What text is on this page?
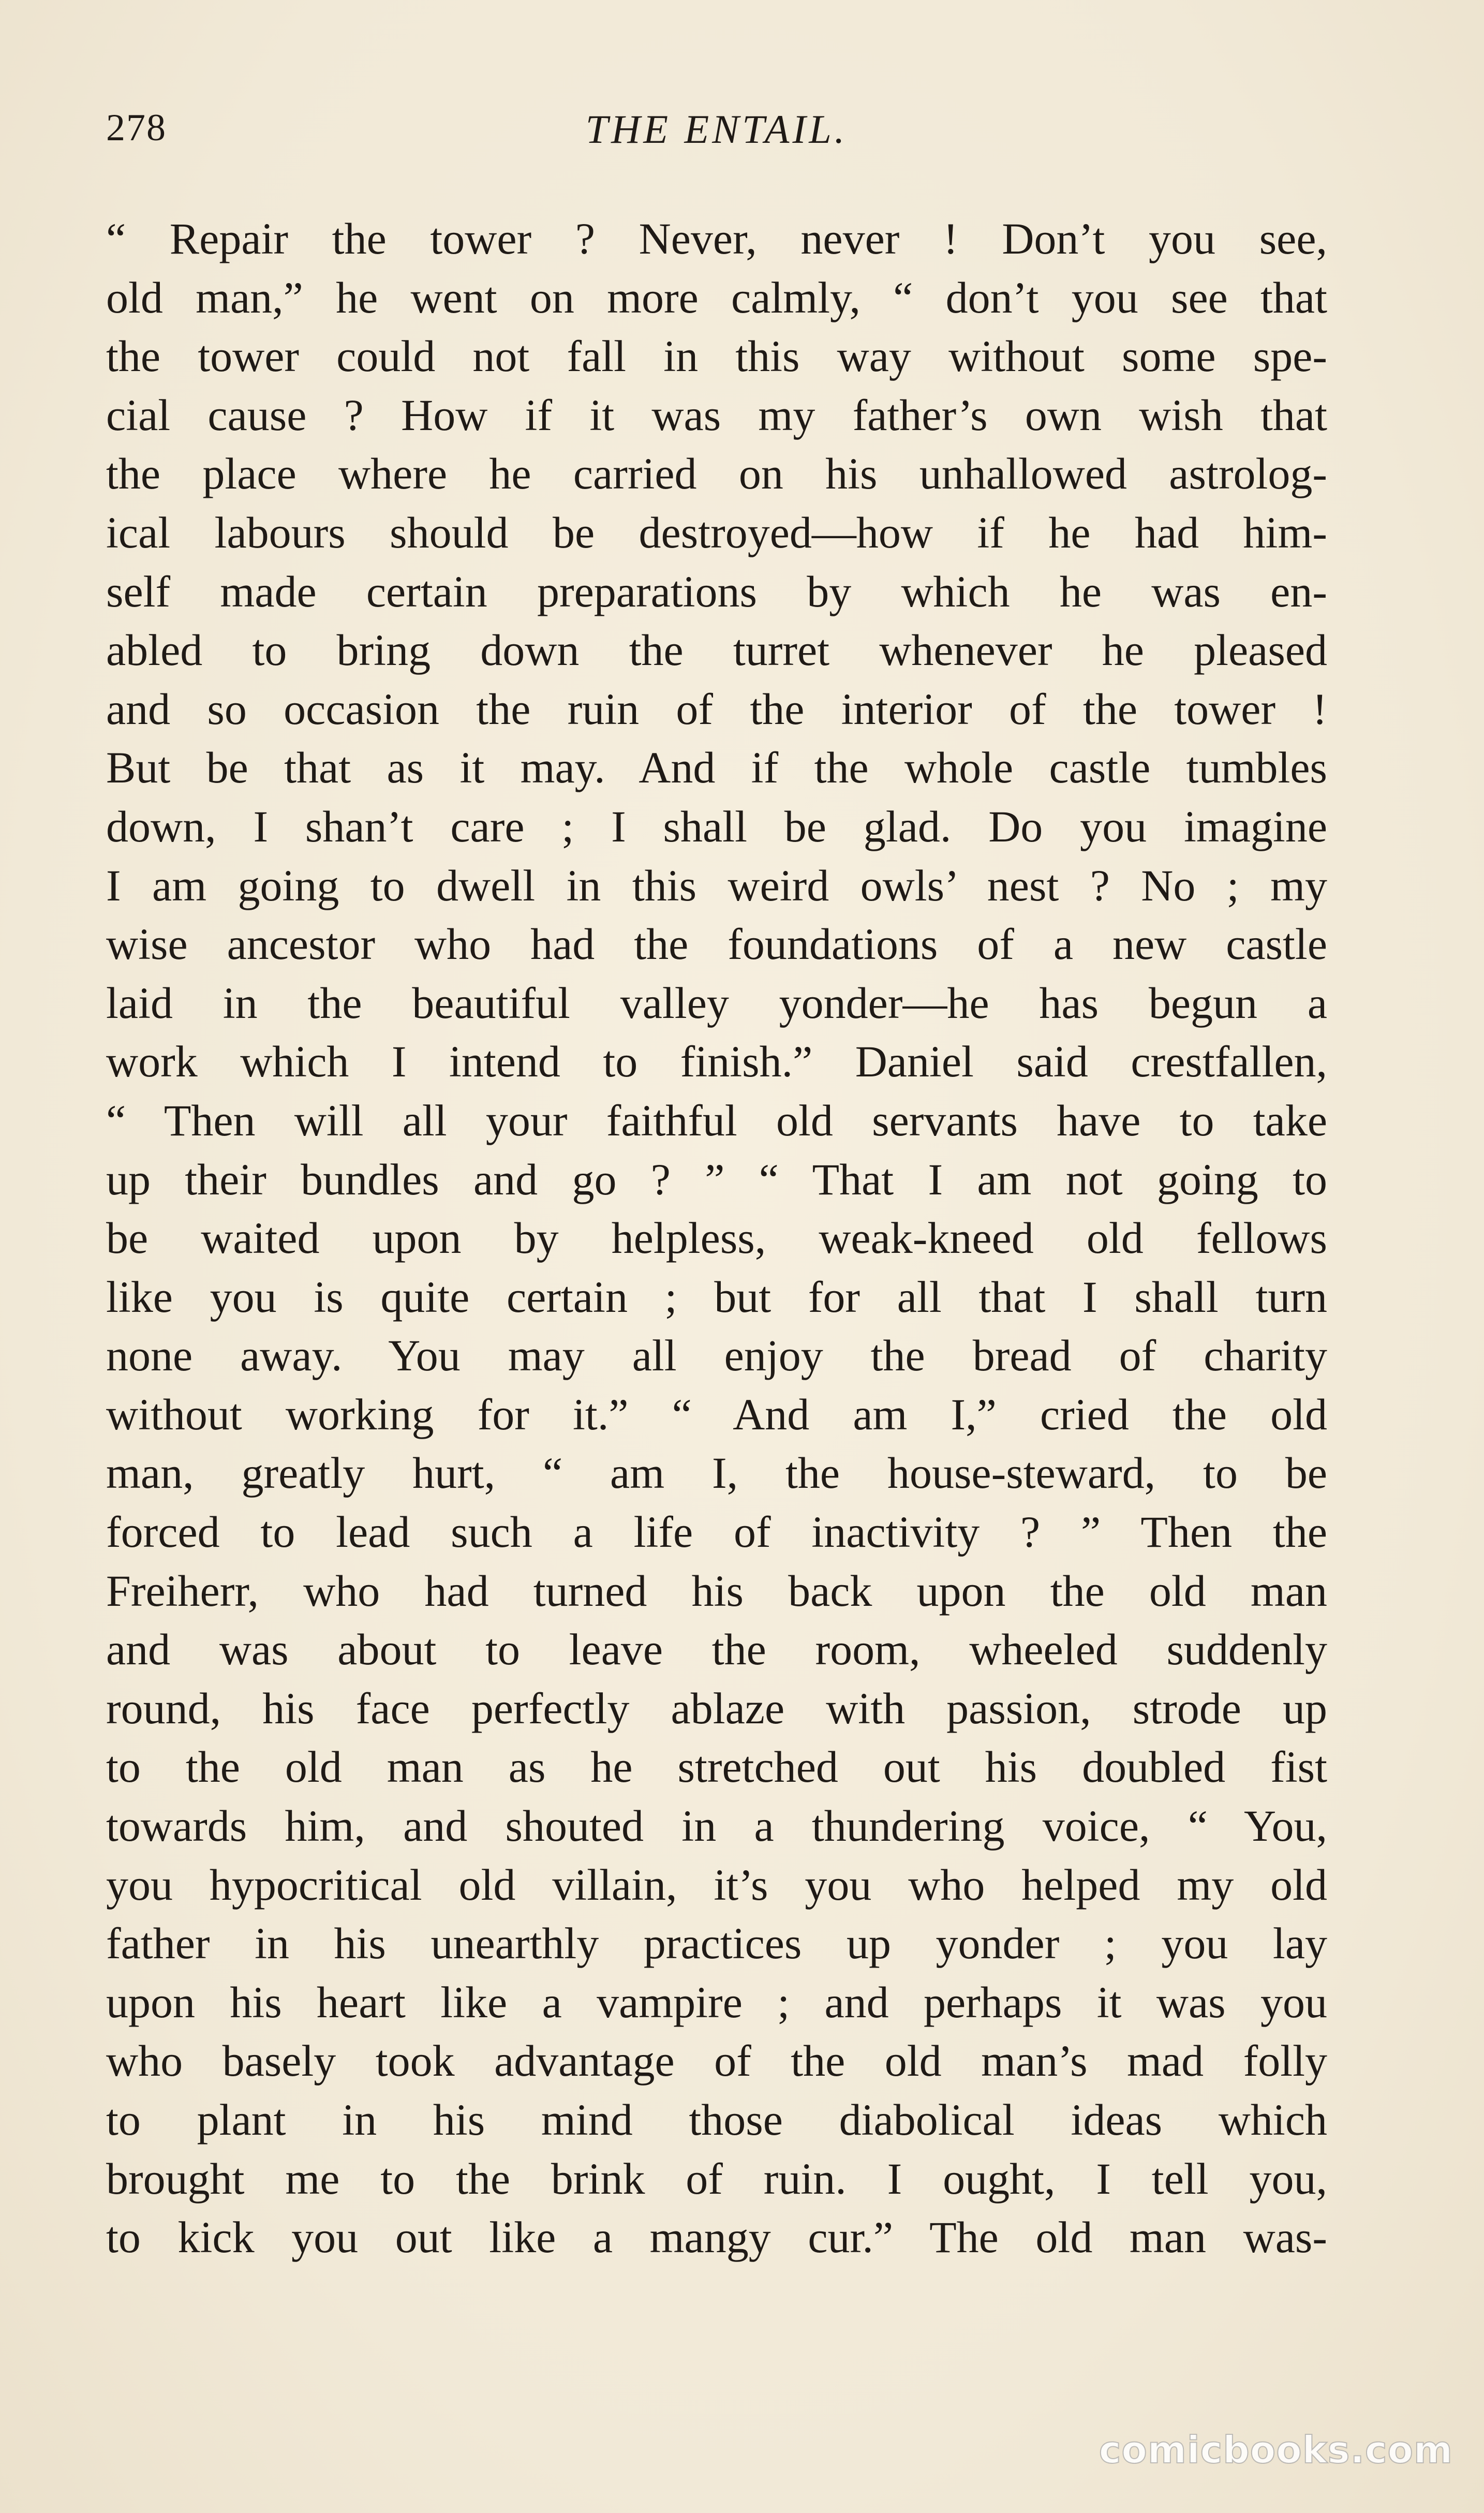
278	THE ENTAIL.
“ Repair the tower ? Never, never ! Don’t you see,
old man,” he went on more calmly, “ don’t you see that
the tower could not fall in this way without some spe-
cial cause ? How if it was my father’s own wish that
the place where he carried on his unhallowed astrolog-
ical labours should be destroyed—how if he had him-
self made certain preparations by which he was en-
abled to bring down the turret whenever he pleased
and so occasion the ruin of the interior of the tower !
But be that as it may. And if the whole castle tumbles
down, I shan’t care ; I shall be glad. Do you imagine
I am going to dwell in this weird owls’ nest ? No ; my
wise ancestor who had the foundations of a new castle
laid in the beautiful valley yonder—he has begun a
work which I intend to finish.” Daniel said crestfallen,
“ Then will all your faithful old servants have to take
up their bundles and go ? ” “ That I am not going to
be waited upon by helpless, weak-kneed old fellows
like you is quite certain ; but for all that I shall turn
none away. You may all enjoy the bread of charity
without working for it.” “ And am I,” cried the old
man, greatly hurt, “ am I, the house-steward, to be
forced to lead such a life of inactivity ? ” Then the
Freiherr, who had turned his back upon the old man
and was about to leave the room, wheeled suddenly
round, his face perfectly ablaze with passion, strode up
to the old man as he stretched out his doubled fist
towards him, and shouted in a thundering voice, “ You,
you hypocritical old villain, it’s you who helped my old
father in his unearthly practices up yonder ; you lay
upon his heart like a vampire ; and perhaps it was you
who basely took advantage of the old man’s mad folly
to plant in his mind those diabolical ideas which
brought me to the brink of ruin. I ought, I tell you,
to kick you out like a mangy cur.” The old man was-
comicbooks.com
